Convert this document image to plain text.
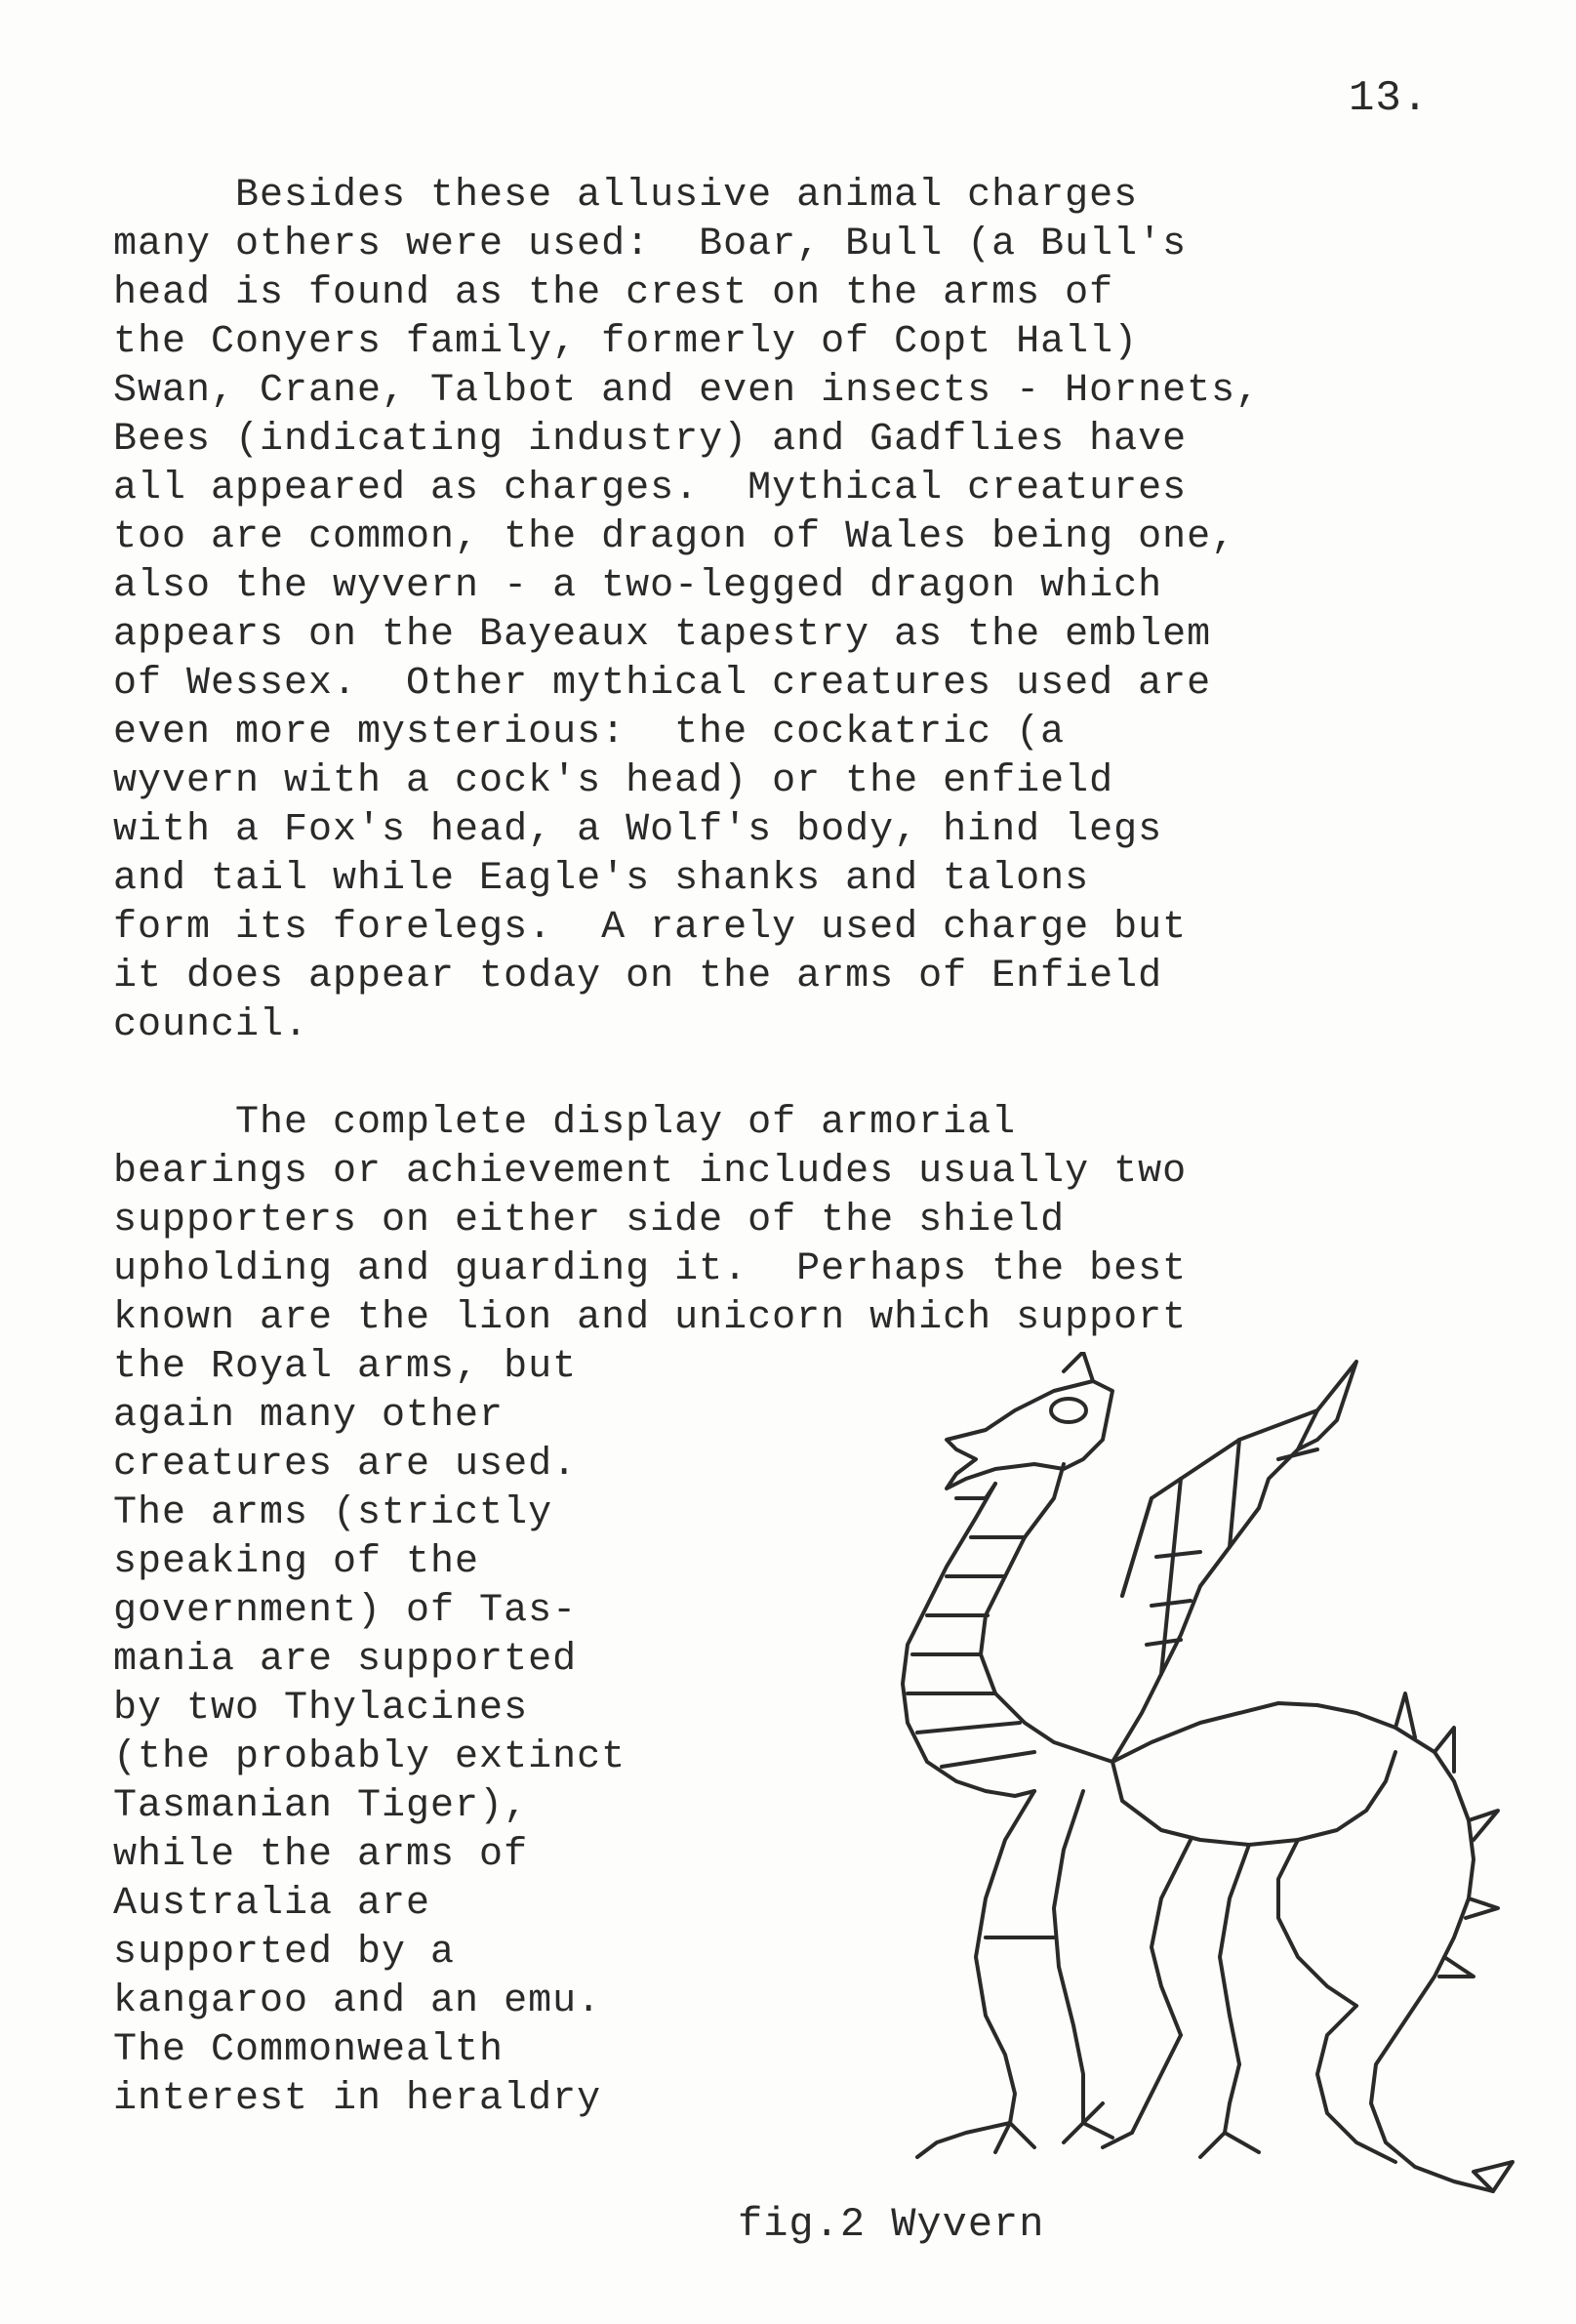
13.
Besides these allusive animal charges
many others were used:  Boar, Bull (a Bull's
head is found as the crest on the arms of
the Conyers family, formerly of Copt Hall)
Swan, Crane, Talbot and even insects - Hornets,
Bees (indicating industry) and Gadflies have
all appeared as charges.  Mythical creatures
too are common, the dragon of Wales being one,
also the wyvern - a two-legged dragon which
appears on the Bayeaux tapestry as the emblem
of Wessex.  Other mythical creatures used are
even more mysterious:  the cockatric (a
wyvern with a cock's head) or the enfield
with a Fox's head, a Wolf's body, hind legs
and tail while Eagle's shanks and talons
form its forelegs.  A rarely used charge but
it does appear today on the arms of Enfield
council.
The complete display of armorial
bearings or achievement includes usually two
supporters on either side of the shield
upholding and guarding it.  Perhaps the best
known are the lion and unicorn which support
the Royal arms, but
again many other
creatures are used.
The arms (strictly
speaking of the
government) of Tas-
mania are supported
by two Thylacines
(the probably extinct
Tasmanian Tiger),
while the arms of
Australia are
supported by a
kangaroo and an emu.
The Commonwealth
interest in heraldry
fig.2 Wyvern
